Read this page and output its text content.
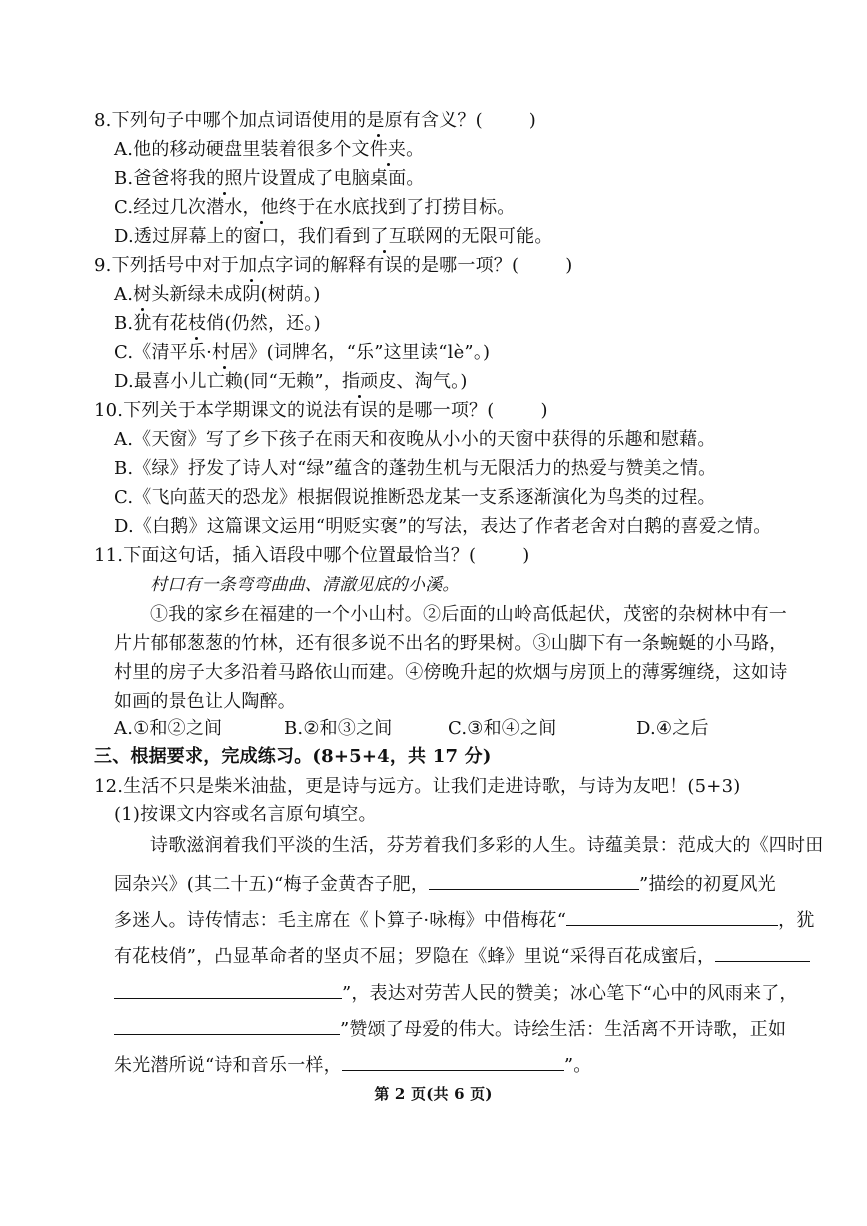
8.下列句子中哪个加点词语使用的是原有含义？(	)
A.他的移动硬盘里装着很多个文件夹。
B.爸爸将我的照片设置成了电脑桌面。
C.经过几次潜水，他终于在水底找到了打捞目标。
D.透过屏幕上的窗口，我们看到了互联网的无限可能。
9.下列括号中对于加点字词的解释有误的是哪一项？(	)
A.树头新绿未成阴(树荫。)
B.犹有花枝俏(仍然，还。)
C.《清平乐·村居》(词牌名，“乐”这里读“lè”。)
D.最喜小儿亡赖(同“无赖”，指顽皮、淘气。)
10.下列关于本学期课文的说法有误的是哪一项？(	)
A.《天窗》写了乡下孩子在雨天和夜晚从小小的天窗中获得的乐趣和慰藉。
B.《绿》抒发了诗人对“绿”蕴含的蓬勃生机与无限活力的热爱与赞美之情。
C.《飞向蓝天的恐龙》根据假说推断恐龙某一支系逐渐演化为鸟类的过程。
D.《白鹅》这篇课文运用“明贬实褒”的写法，表达了作者老舍对白鹅的喜爱之情。
11.下面这句话，插入语段中哪个位置最恰当？(	)
村口有一条弯弯曲曲、清澈见底的小溪。
①我的家乡在福建的一个小山村。②后面的山岭高低起伏，茂密的杂树林中有一
片片郁郁葱葱的竹林，还有很多说不出名的野果树。③山脚下有一条蜿蜒的小马路，
村里的房子大多沿着马路依山而建。④傍晚升起的炊烟与房顶上的薄雾缠绕，这如诗
如画的景色让人陶醉。
A.①和②之间	B.②和③之间	C.③和④之间	D.④之后
三、根据要求，完成练习。(8+5+4，共 17 分)
12.生活不只是柴米油盐，更是诗与远方。让我们走进诗歌，与诗为友吧！(5+3)
(1)按课文内容或名言原句填空。
诗歌滋润着我们平淡的生活，芬芳着我们多彩的人生。诗蕴美景：范成大的《四时田
园杂兴》(其二十五)“梅子金黄杏子肥，	”描绘的初夏风光
多迷人。诗传情志：毛主席在《卜算子·咏梅》中借梅花“	，犹
有花枝俏”，凸显革命者的坚贞不屈；罗隐在《蜂》里说“采得百花成蜜后，
”，表达对劳苦人民的赞美；冰心笔下“心中的风雨来了，
”赞颂了母爱的伟大。诗绘生活：生活离不开诗歌，正如
朱光潜所说“诗和音乐一样，	”。
第 2 页(共 6 页)
